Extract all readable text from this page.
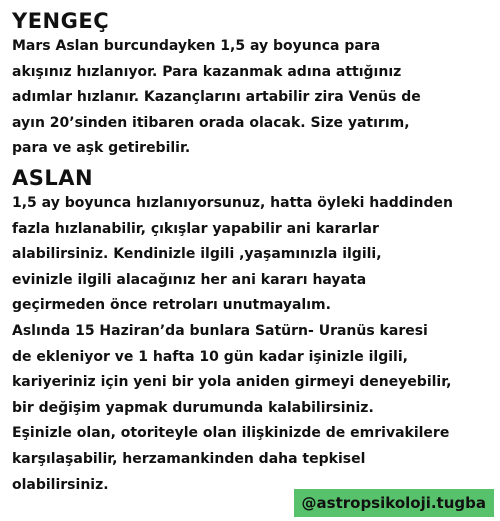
YENGEÇ
Mars Aslan burcundayken 1,5 ay boyunca para
akışınız hızlanıyor. Para kazanmak adına attığınız
adımlar hızlanır. Kazançlarını artabilir zira Venüs de
ayın 20’sinden itibaren orada olacak. Size yatırım,
para ve aşk getirebilir.
ASLAN
1,5 ay boyunca hızlanıyorsunuz, hatta öyleki haddinden
fazla hızlanabilir, çıkışlar yapabilir ani kararlar
alabilirsiniz. Kendinizle ilgili ,yaşamınızla ilgili,
evinizle ilgili alacağınız her ani kararı hayata
geçirmeden önce retroları unutmayalım.
Aslında 15 Haziran’da bunlara Satürn- Uranüs karesi
de ekleniyor ve 1 hafta 10 gün kadar işinizle ilgili,
kariyeriniz için yeni bir yola aniden girmeyi deneyebilir,
bir değişim yapmak durumunda kalabilirsiniz.
Eşinizle olan, otoriteyle olan ilişkinizde de emrivakilere
karşılaşabilir, herzamankinden daha tepkisel
olabilirsiniz.
@astropsikoloji.tugba
